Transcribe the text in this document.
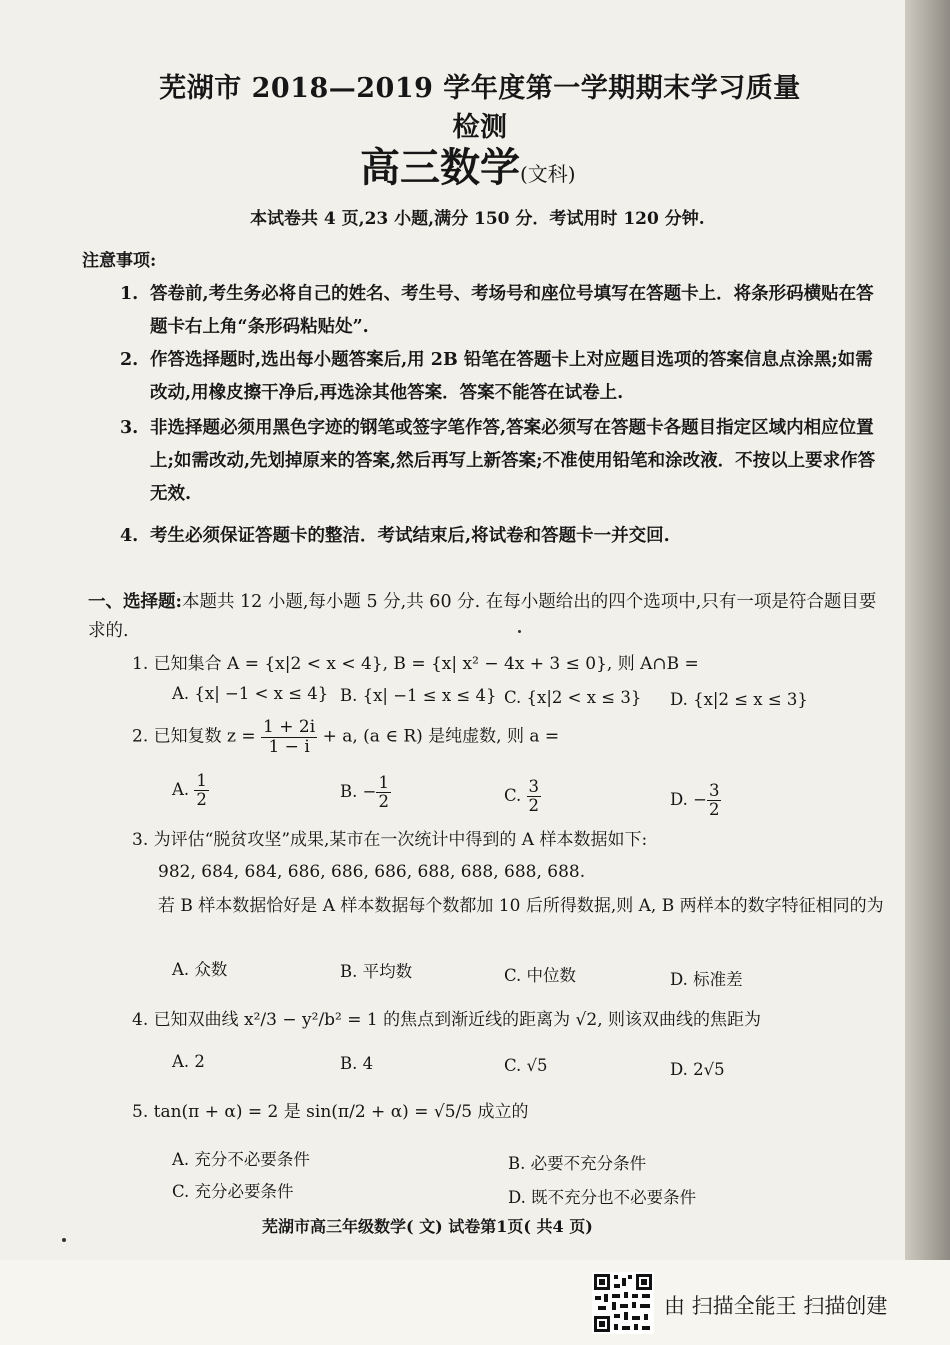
芜湖市 2018—2019 学年度第一学期期末学习质量检测
高三数学(文科)
本试卷共 4 页,23 小题,满分 150 分．考试用时 120 分钟.
注意事项:
1. 答卷前,考生务必将自己的姓名、考生号、考场号和座位号填写在答题卡上．将条形码横贴在答题卡右上角“条形码粘贴处”.
2. 作答选择题时,选出每小题答案后,用 2B 铅笔在答题卡上对应题目选项的答案信息点涂黑;如需改动,用橡皮擦干净后,再选涂其他答案．答案不能答在试卷上.
3. 非选择题必须用黑色字迹的钢笔或签字笔作答,答案必须写在答题卡各题目指定区域内相应位置上;如需改动,先划掉原来的答案,然后再写上新答案;不准使用铅笔和涂改液．不按以上要求作答无效.
4. 考生必须保证答题卡的整洁．考试结束后,将试卷和答题卡一并交回.
一、选择题:本题共 12 小题,每小题 5 分,共 60 分. 在每小题给出的四个选项中,只有一项是符合题目要求的.
1. 已知集合 A = {x|2 < x < 4}, B = {x| x² − 4x + 3 ≤ 0}, 则 A∩B =
A. {x| −1 < x ≤ 4} B. {x| −1 ≤ x ≤ 4} C. {x|2 < x ≤ 3} D. {x|2 ≤ x ≤ 3}
2. 已知复数 $z = \frac{1 + 2i}{1 - i} + a$, (a ∈ R) 是纯虚数, 则 a =
A. $\frac{1}{2}$	B. − $\frac{1}{2}$	C. $\frac{3}{2}$	D. − $\frac{3}{2}$
3. 为评估“脱贫攻坚”成果,某市在一次统计中得到的 A 样本数据如下:
982, 684, 684, 686, 686, 686, 688, 688, 688, 688.
若 B 样本数据恰好是 A 样本数据每个数都加 10 后所得数据,则 A, B 两样本的数字特征相同的为
A. 众数	B. 平均数	C. 中位数	D. 标准差
4. 已知双曲线 x²/3 − y²/b² = 1 的焦点到渐近线的距离为 √2, 则该双曲线的焦距为
A. 2	B. 4	C. √5	D. 2√5
5. tan(π + α) = 2 是 sin(π/2 + α) = √5/5 成立的
A. 充分不必要条件	B. 必要不充分条件
C. 充分必要条件	D. 既不充分也不必要条件
芜湖市高三年级数学( 文) 试卷第1页( 共4 页)
由 扫描全能王 扫描创建
